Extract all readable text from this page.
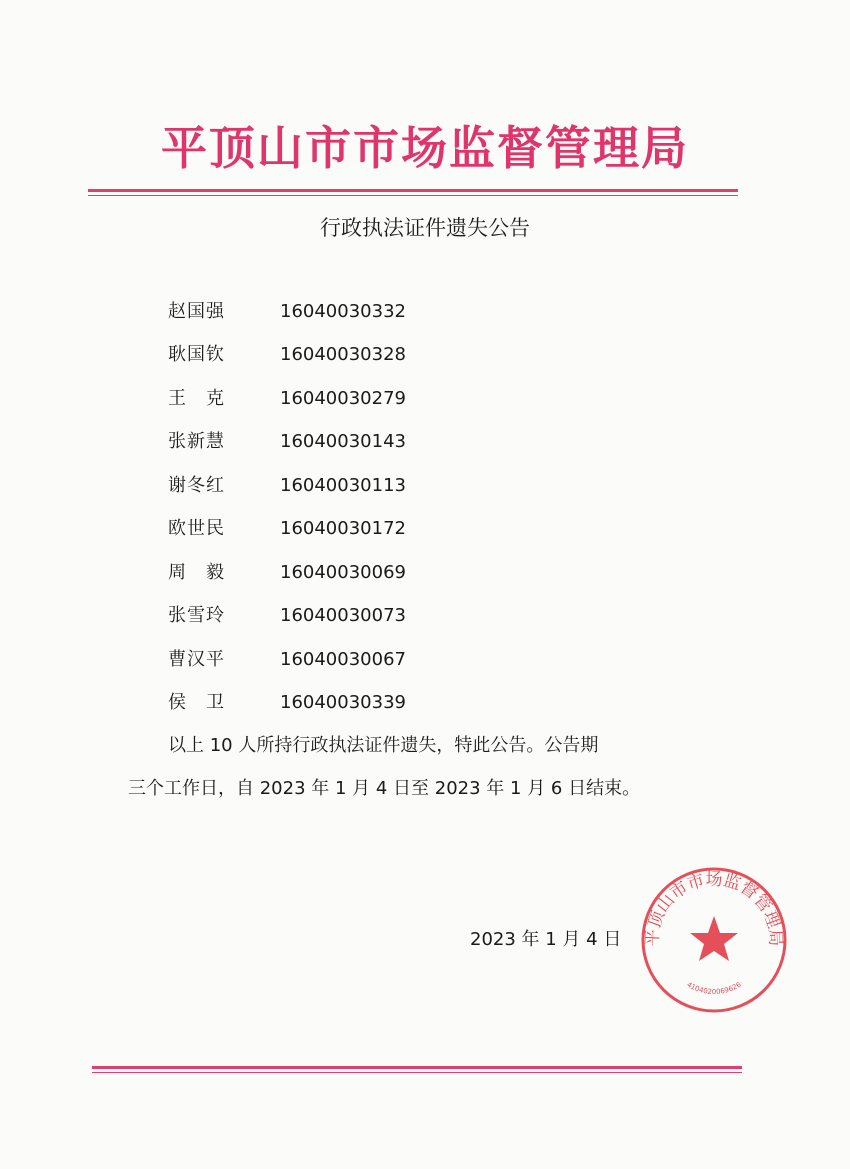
平顶山市市场监督管理局
行政执法证件遗失公告
赵国强	16040030332
耿国钦	16040030328
王　克	16040030279
张新慧	16040030143
谢冬红	16040030113
欧世民	16040030172
周　毅	16040030069
张雪玲	16040030073
曹汉平	16040030067
侯　卫	16040030339
以上 10 人所持行政执法证件遗失，特此公告。公告期
三个工作日，自 2023 年 1 月 4 日至 2023 年 1 月 6 日结束。
平顶山市市场监督管理局
4104020069626
2023 年 1 月 4 日
